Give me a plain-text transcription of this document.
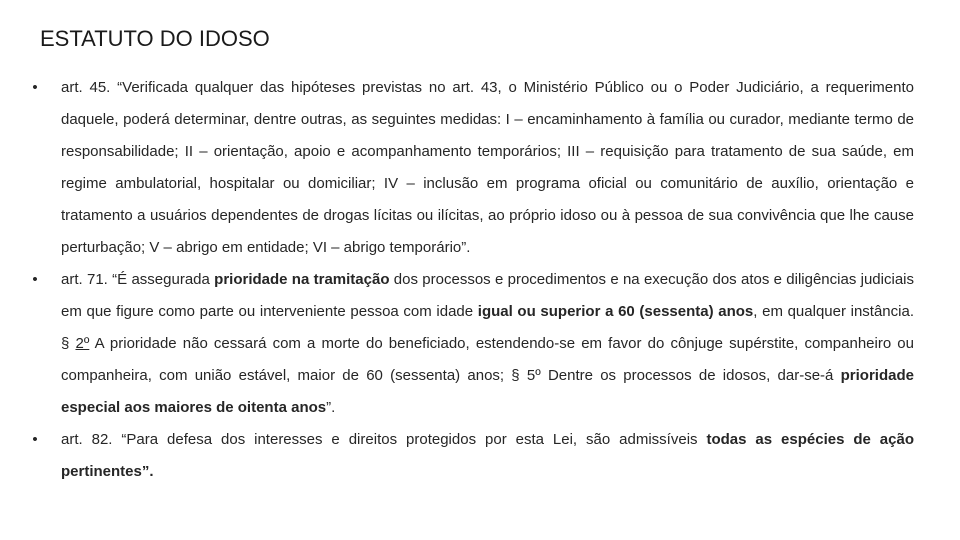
ESTATUTO DO IDOSO
• art. 45. “Verificada qualquer das hipóteses previstas no art. 43, o Ministério Público ou o Poder Judiciário, a requerimento daquele, poderá determinar, dentre outras, as seguintes medidas: I – encaminhamento à família ou curador, mediante termo de responsabilidade; II – orientação, apoio e acompanhamento temporários; III – requisição para tratamento de sua saúde, em regime ambulatorial, hospitalar ou domiciliar; IV – inclusão em programa oficial ou comunitário de auxílio, orientação e tratamento a usuários dependentes de drogas lícitas ou ilícitas, ao próprio idoso ou à pessoa de sua convivência que lhe cause perturbação; V – abrigo em entidade; VI – abrigo temporário”.
• art. 71. “É assegurada prioridade na tramitação dos processos e procedimentos e na execução dos atos e diligências judiciais em que figure como parte ou interveniente pessoa com idade igual ou superior a 60 (sessenta) anos, em qualquer instância. § 2º A prioridade não cessará com a morte do beneficiado, estendendo-se em favor do cônjuge supérstite, companheiro ou companheira, com união estável, maior de 60 (sessenta) anos; § 5º Dentre os processos de idosos, dar-se-á prioridade especial aos maiores de oitenta anos”.
• art. 82. “Para defesa dos interesses e direitos protegidos por esta Lei, são admissíveis todas as espécies de ação pertinentes”.
